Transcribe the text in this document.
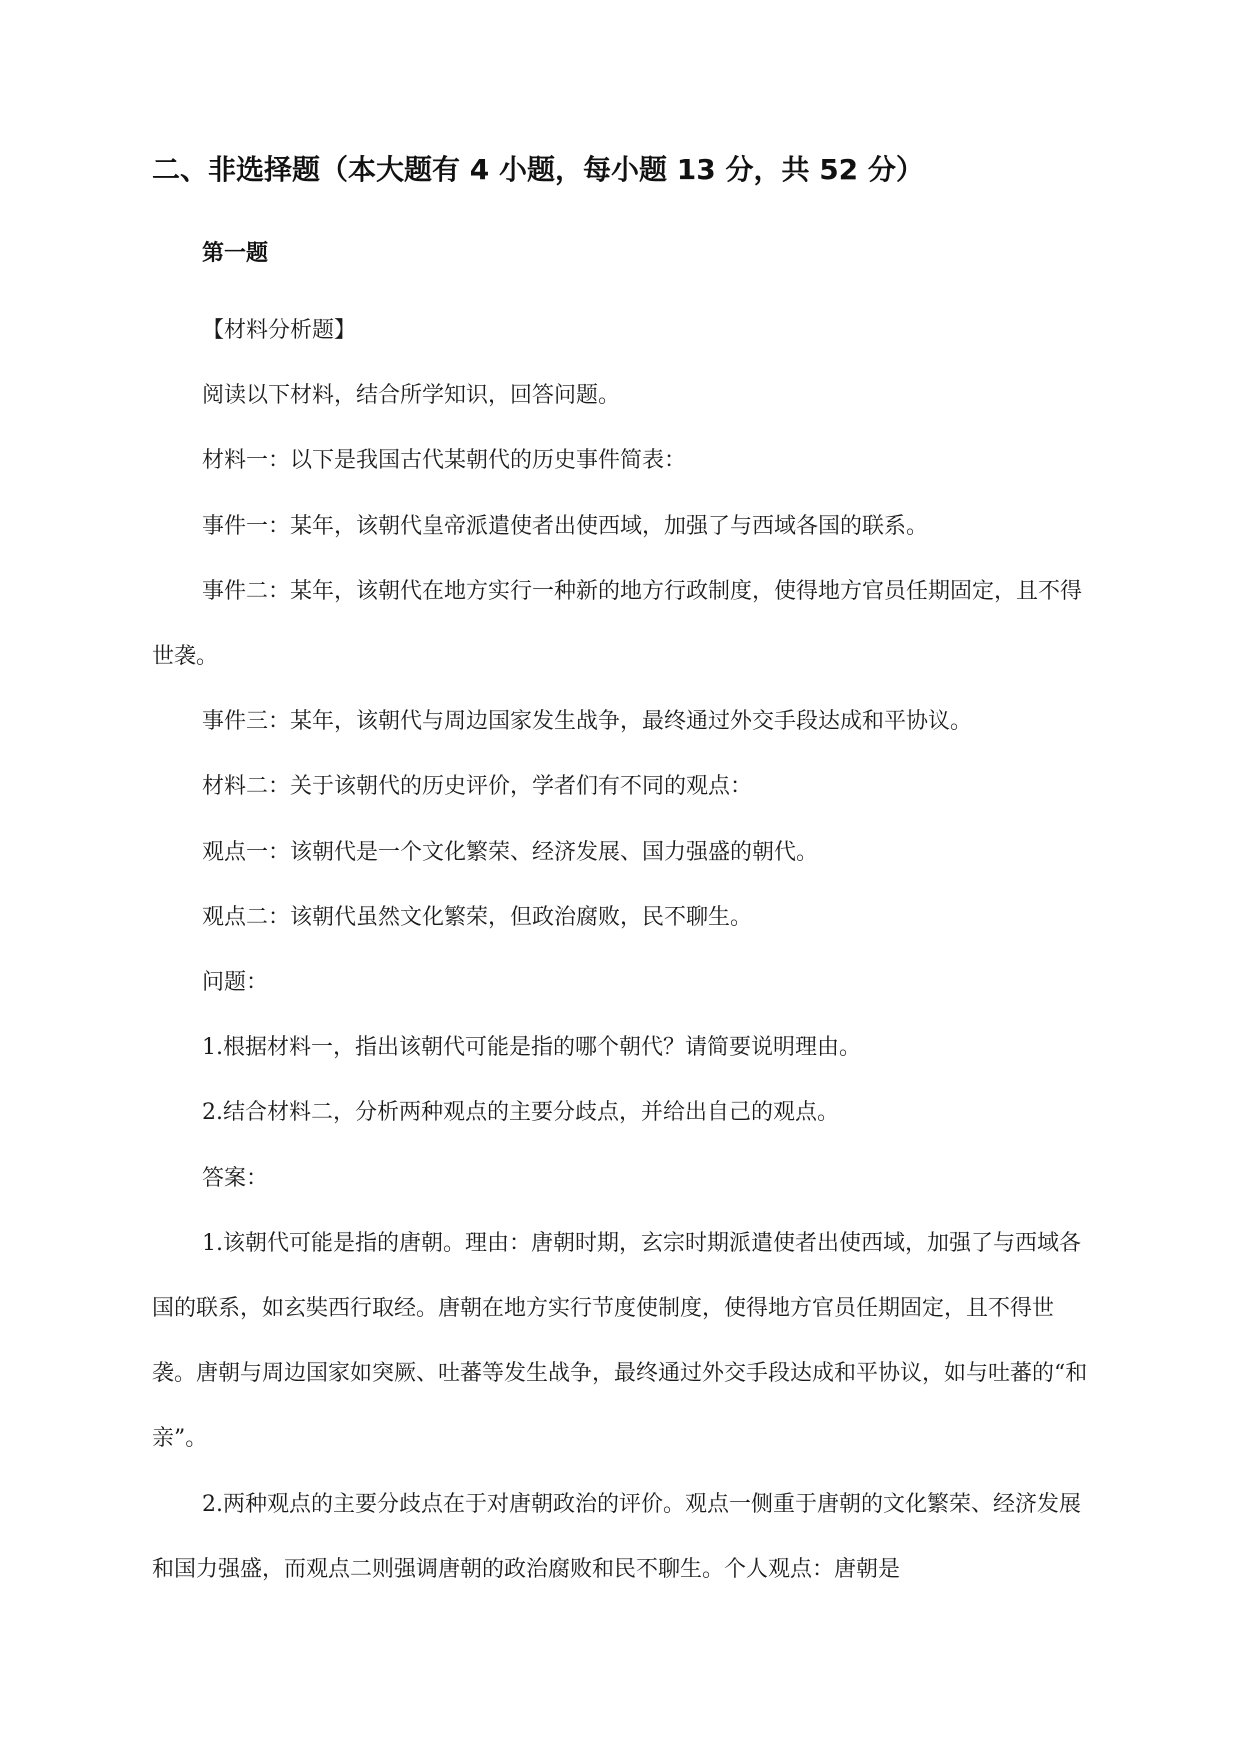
二、非选择题（本大题有 4 小题，每小题 13 分，共 52 分）
第一题

【材料分析题】

阅读以下材料，结合所学知识，回答问题。

材料一：以下是我国古代某朝代的历史事件简表：

事件一：某年，该朝代皇帝派遣使者出使西域，加强了与西域各国的联系。

事件二：某年，该朝代在地方实行一种新的地方行政制度，使得地方官员任期固定，且不得世袭。

事件三：某年，该朝代与周边国家发生战争，最终通过外交手段达成和平协议。

材料二：关于该朝代的历史评价，学者们有不同的观点：

观点一：该朝代是一个文化繁荣、经济发展、国力强盛的朝代。

观点二：该朝代虽然文化繁荣，但政治腐败，民不聊生。

问题：

1.根据材料一，指出该朝代可能是指的哪个朝代？请简要说明理由。

2.结合材料二，分析两种观点的主要分歧点，并给出自己的观点。

答案：

1.该朝代可能是指的唐朝。理由：唐朝时期，玄宗时期派遣使者出使西域，加强了与西域各国的联系，如玄奘西行取经。唐朝在地方实行节度使制度，使得地方官员任期固定，且不得世袭。唐朝与周边国家如突厥、吐蕃等发生战争，最终通过外交手段达成和平协议，如与吐蕃的“和亲”。

2.两种观点的主要分歧点在于对唐朝政治的评价。观点一侧重于唐朝的文化繁荣、经济发展和国力强盛，而观点二则强调唐朝的政治腐败和民不聊生。个人观点：唐朝是
